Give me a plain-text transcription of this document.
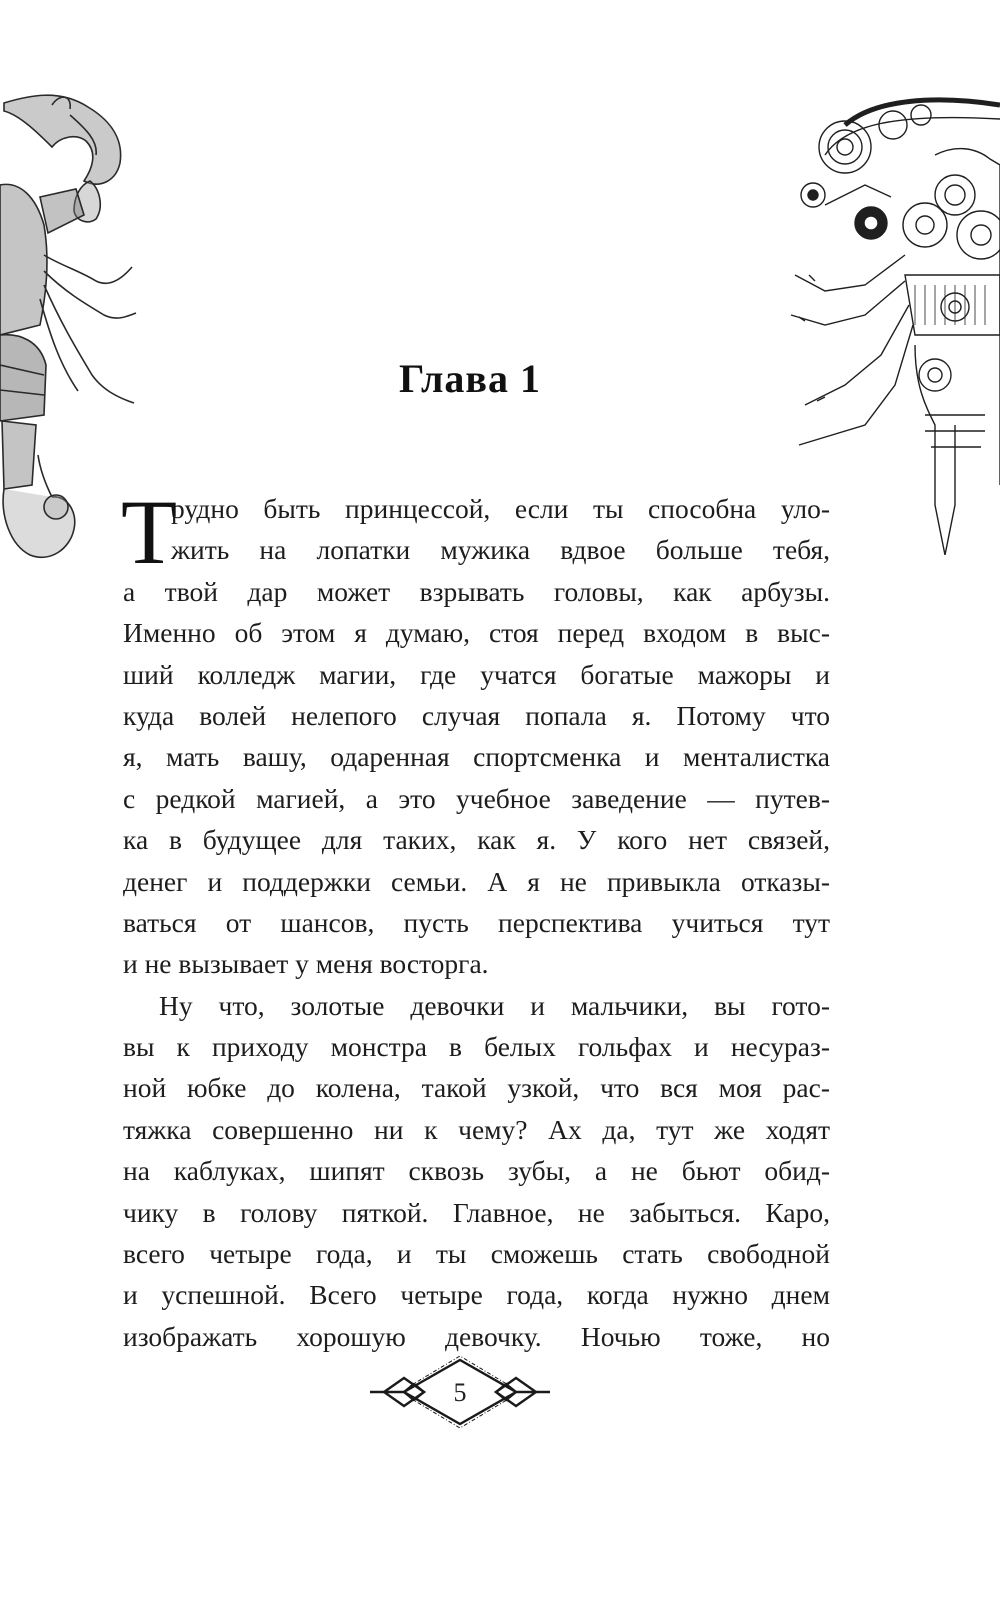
Глава 1
Т
рудно быть принцессой, если ты способна уло-
жить на лопатки мужика вдвое больше тебя,
а твой дар может взрывать головы, как арбузы.
Именно об этом я думаю, стоя перед входом в выс-
ший колледж магии, где учатся богатые мажоры и
куда волей нелепого случая попала я. Потому что
я, мать вашу, одаренная спортсменка и менталистка
с редкой магией, а это учебное заведение — путев-
ка в будущее для таких, как я. У кого нет связей,
денег и поддержки семьи. А я не привыкла отказы-
ваться от шансов, пусть перспектива учиться тут
и не вызывает у меня восторга.
Ну что, золотые девочки и мальчики, вы гото-
вы к приходу монстра в белых гольфах и несураз-
ной юбке до колена, такой узкой, что вся моя рас-
тяжка совершенно ни к чему? Ах да, тут же ходят
на каблуках, шипят сквозь зубы, а не бьют обид-
чику в голову пяткой. Главное, не забыться. Каро,
всего четыре года, и ты сможешь стать свободной
и успешной. Всего четыре года, когда нужно днем
изображать хорошую девочку. Ночью тоже, но
5
